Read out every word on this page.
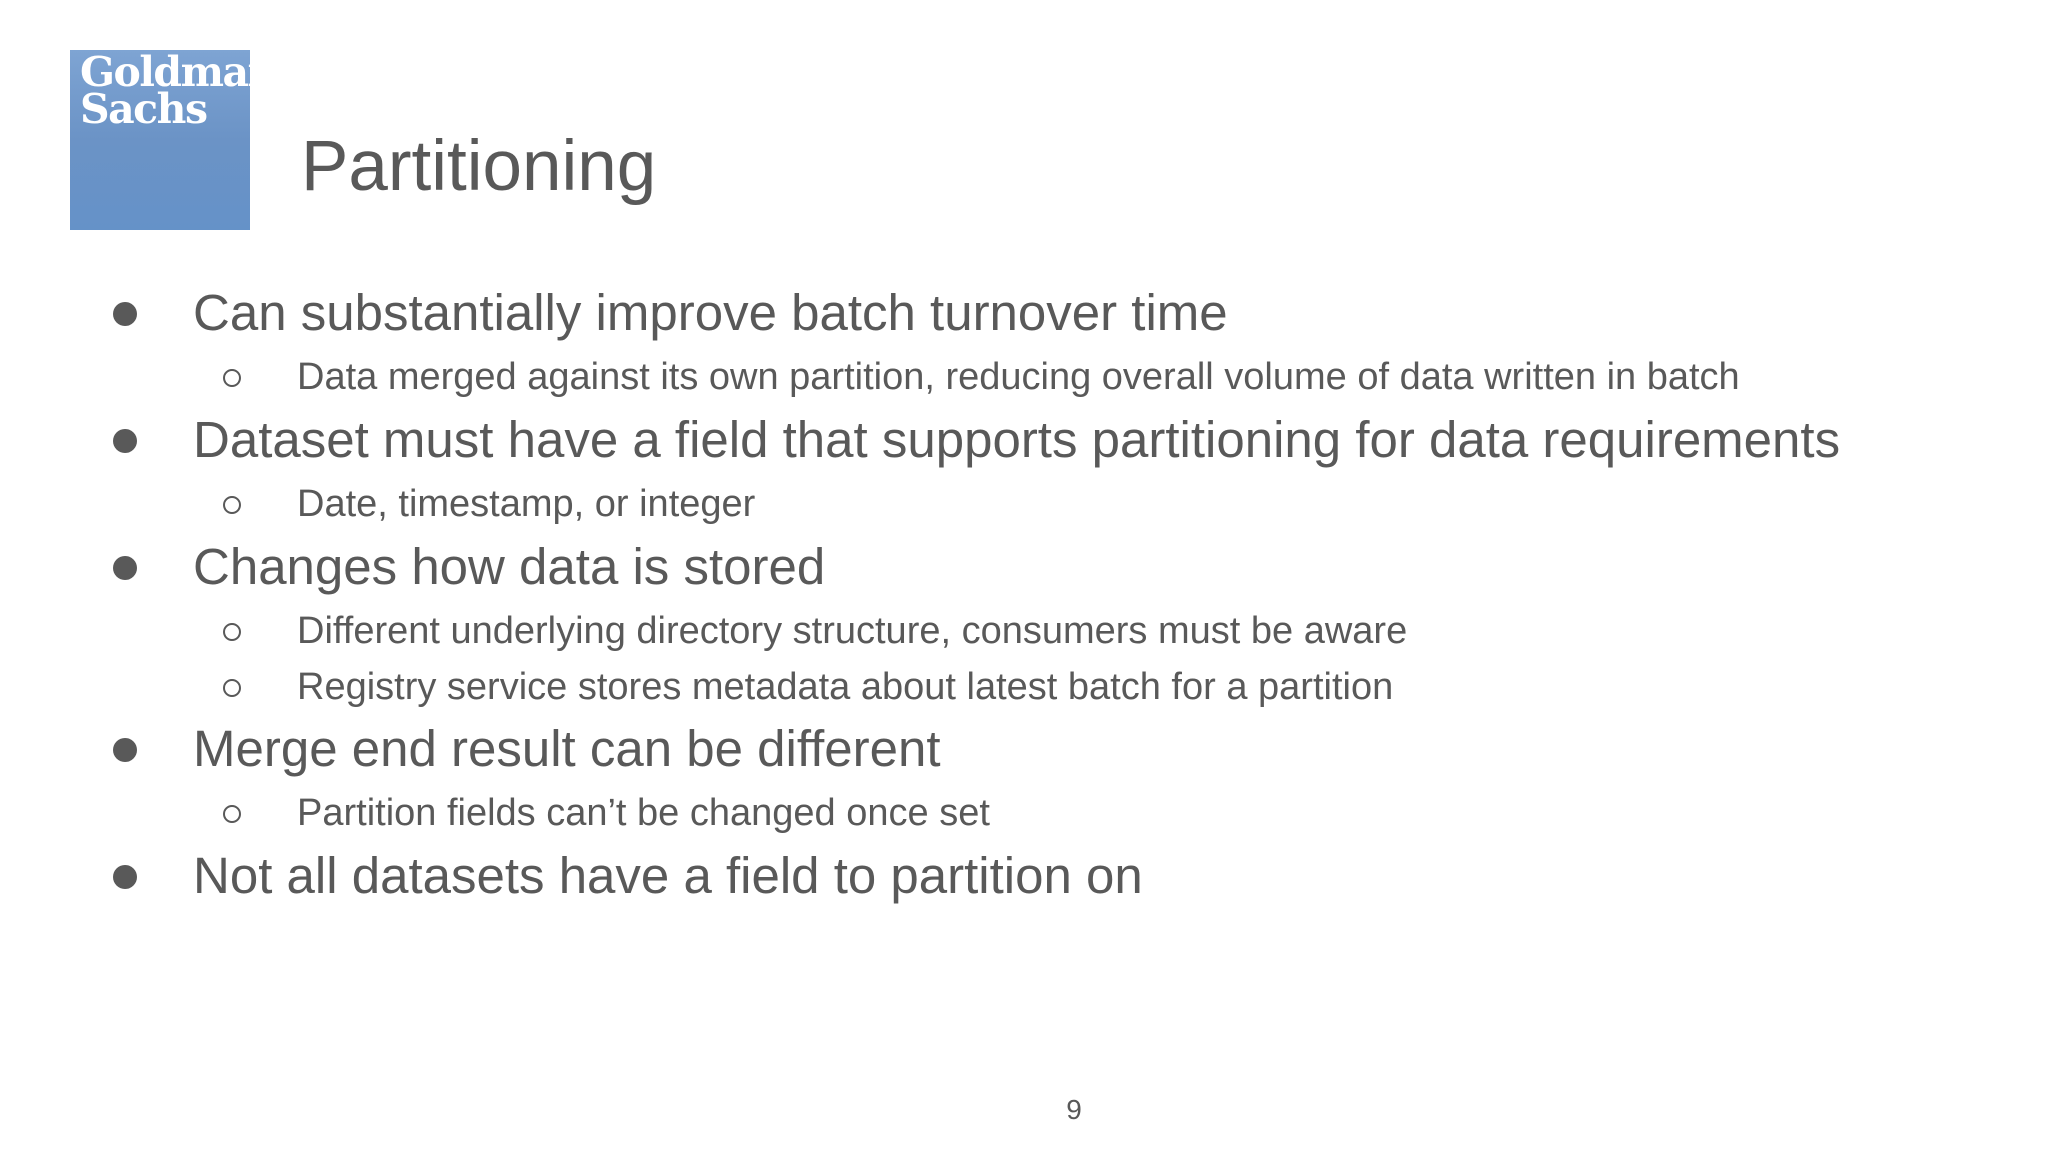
Goldman
Sachs
Partitioning
Can substantially improve batch turnover time
Data merged against its own partition, reducing overall volume of data written in batch
Dataset must have a field that supports partitioning for data requirements
Date, timestamp, or integer
Changes how data is stored
Different underlying directory structure, consumers must be aware
Registry service stores metadata about latest batch for a partition
Merge end result can be different
Partition fields can’t be changed once set
Not all datasets have a field to partition on
9
